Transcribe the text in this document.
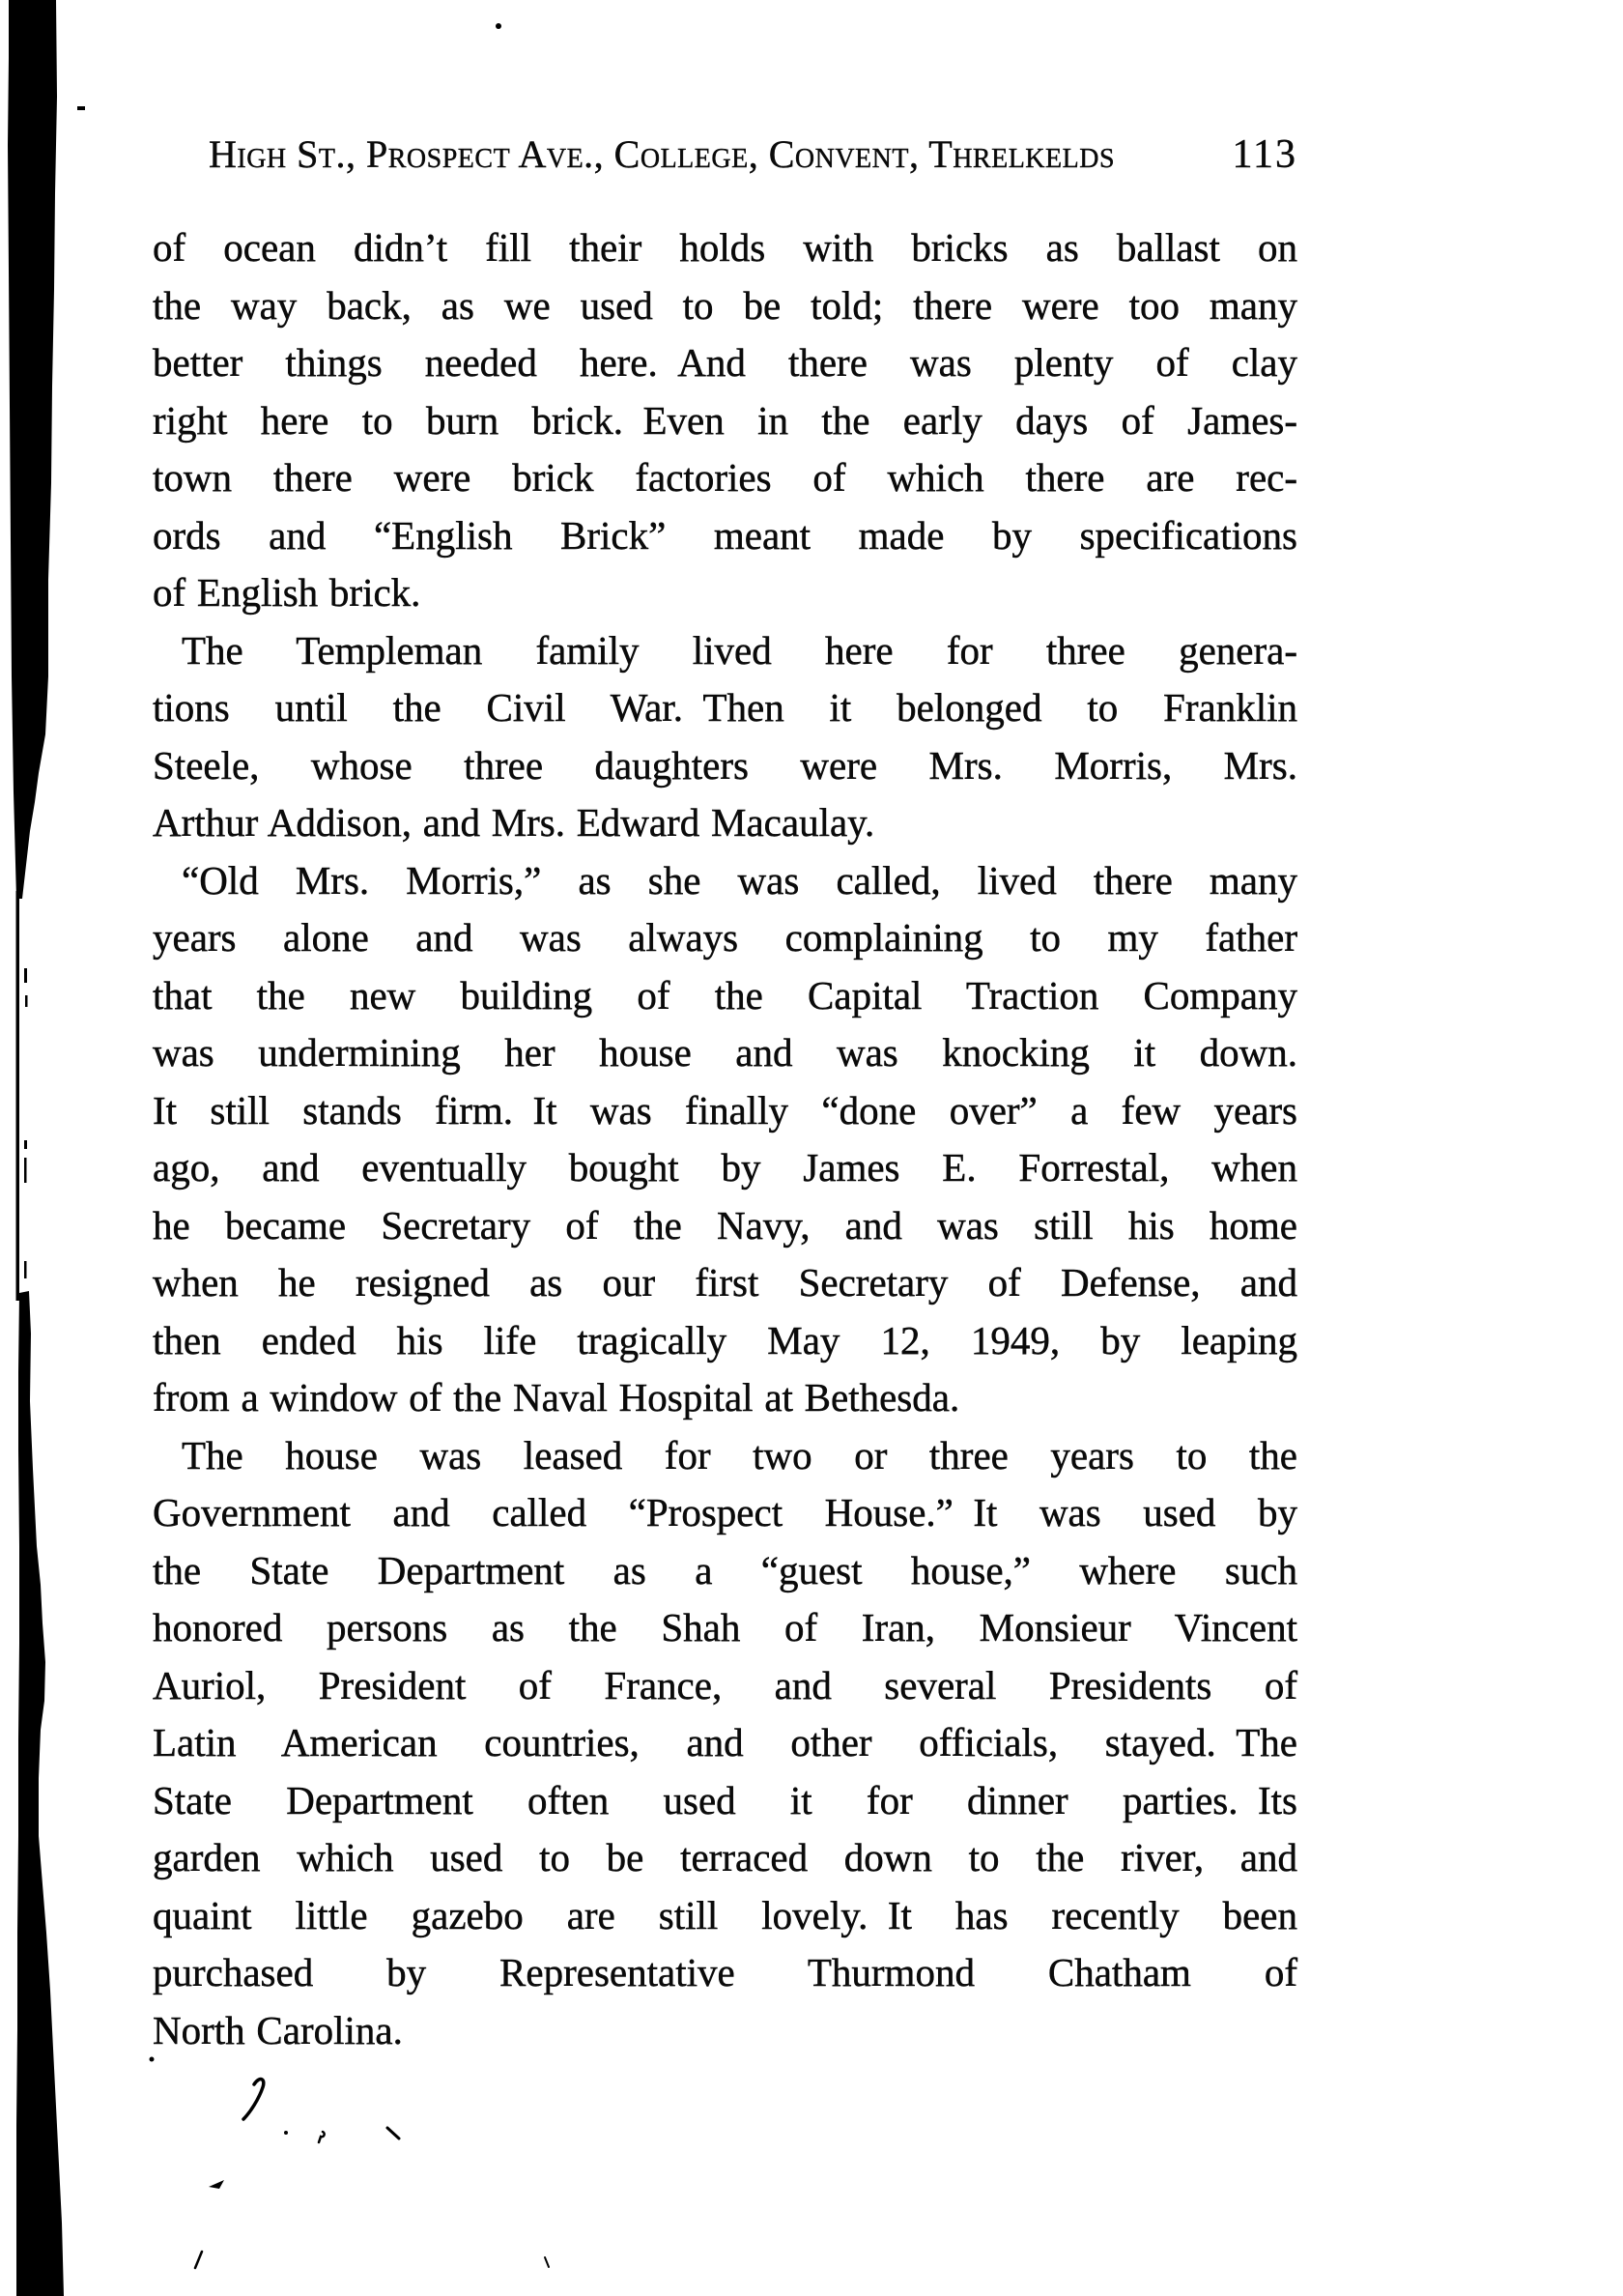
High St., Prospect Ave., College, Convent, Threlkelds	113
of ocean didn’t fill their holds with bricks as ballast on
the way back, as we used to be told; there were too many
better things needed here. And there was plenty of clay
right here to burn brick. Even in the early days of James-
town there were brick factories of which there are rec-
ords and “English Brick” meant made by specifications
of English brick.
The Templeman family lived here for three genera-
tions until the Civil War. Then it belonged to Franklin
Steele, whose three daughters were Mrs. Morris, Mrs.
Arthur Addison, and Mrs. Edward Macaulay.
“Old Mrs. Morris,” as she was called, lived there many
years alone and was always complaining to my father
that the new building of the Capital Traction Company
was undermining her house and was knocking it down.
It still stands firm. It was finally “done over” a few years
ago, and eventually bought by James E. Forrestal, when
he became Secretary of the Navy, and was still his home
when he resigned as our first Secretary of Defense, and
then ended his life tragically May 12, 1949, by leaping
from a window of the Naval Hospital at Bethesda.
The house was leased for two or three years to the
Government and called “Prospect House.” It was used by
the State Department as a “guest house,” where such
honored persons as the Shah of Iran, Monsieur Vincent
Auriol, President of France, and several Presidents of
Latin American countries, and other officials, stayed. The
State Department often used it for dinner parties. Its
garden which used to be terraced down to the river, and
quaint little gazebo are still lovely. It has recently been
purchased by Representative Thurmond Chatham of
North Carolina.
